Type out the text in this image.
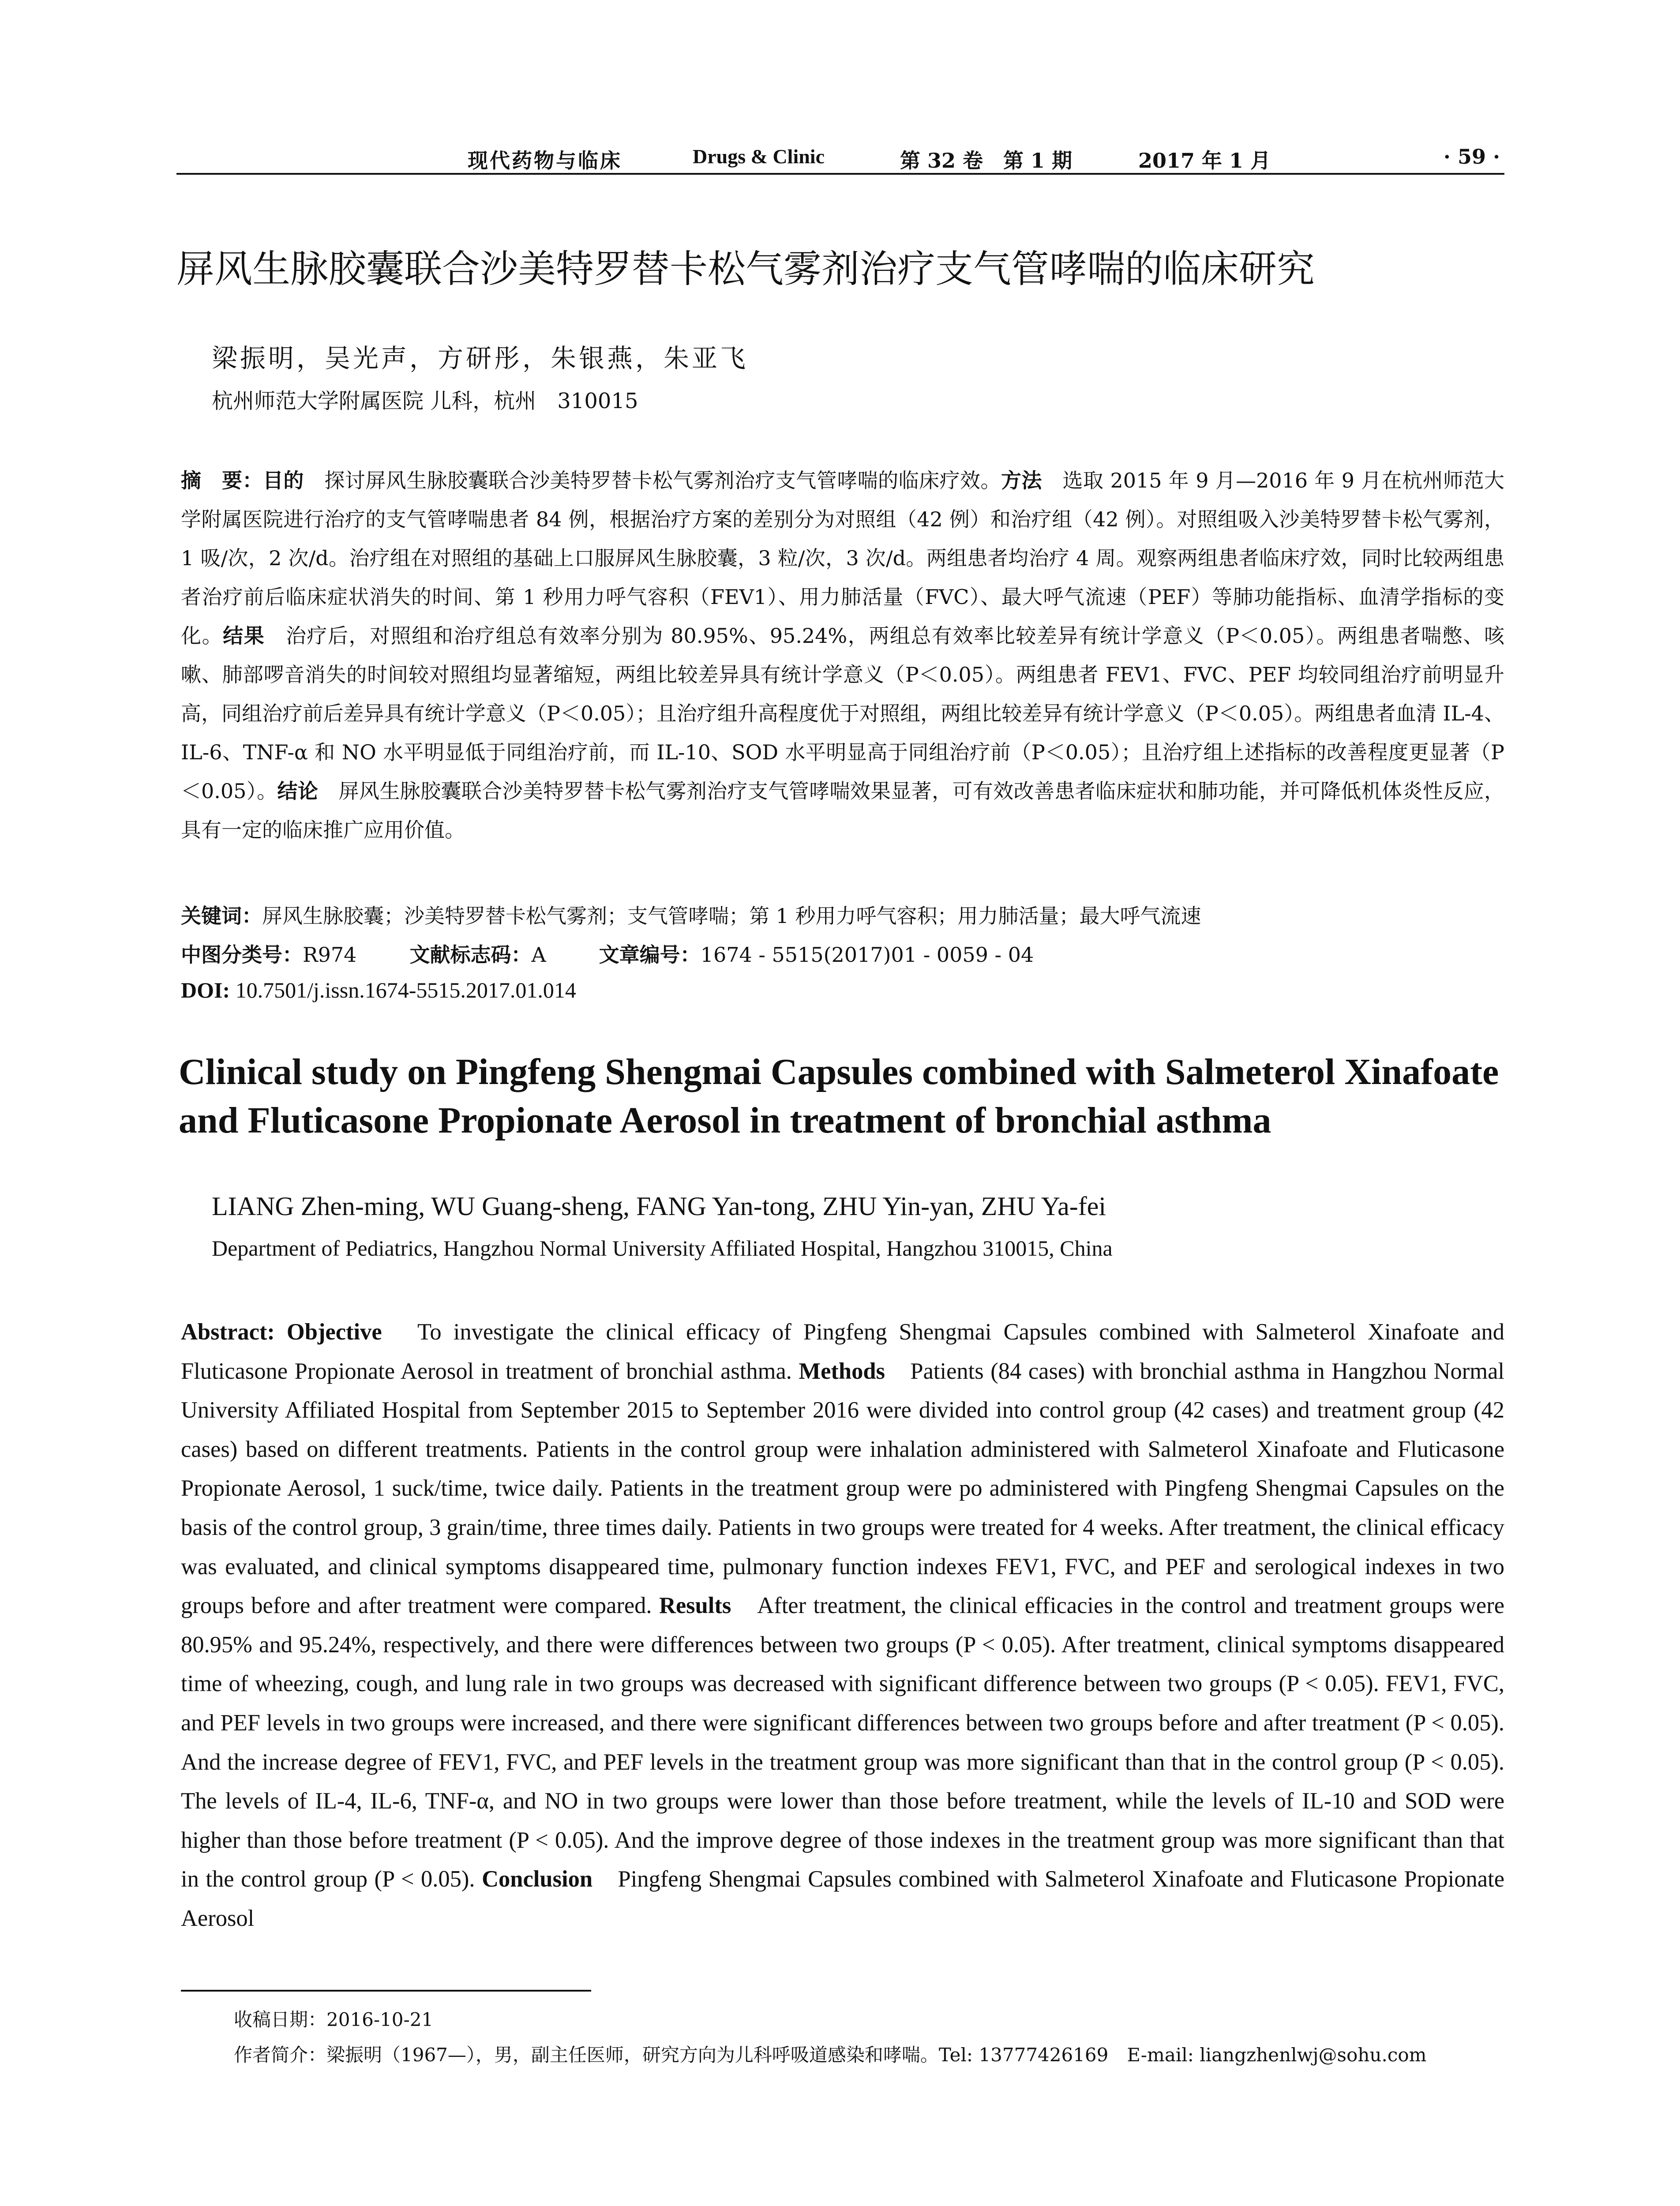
现代药物与临床	Drugs & Clinic	第 32 卷　第 1 期	2017 年 1 月	· 59 ·
屏风生脉胶囊联合沙美特罗替卡松气雾剂治疗支气管哮喘的临床研究
梁振明，吴光声，方研彤，朱银燕，朱亚飞
杭州师范大学附属医院 儿科，杭州　310015
摘　要：目的　探讨屏风生脉胶囊联合沙美特罗替卡松气雾剂治疗支气管哮喘的临床疗效。方法　选取 2015 年 9 月—2016 年 9 月在杭州师范大学附属医院进行治疗的支气管哮喘患者 84 例，根据治疗方案的差别分为对照组（42 例）和治疗组（42 例）。对照组吸入沙美特罗替卡松气雾剂，1 吸/次，2 次/d。治疗组在对照组的基础上口服屏风生脉胶囊，3 粒/次，3 次/d。两组患者均治疗 4 周。观察两组患者临床疗效，同时比较两组患者治疗前后临床症状消失的时间、第 1 秒用力呼气容积（FEV1）、用力肺活量（FVC）、最大呼气流速（PEF）等肺功能指标、血清学指标的变化。结果　治疗后，对照组和治疗组总有效率分别为 80.95%、95.24%，两组总有效率比较差异有统计学意义（P＜0.05）。两组患者喘憋、咳嗽、肺部啰音消失的时间较对照组均显著缩短，两组比较差异具有统计学意义（P＜0.05）。两组患者 FEV1、FVC、PEF 均较同组治疗前明显升高，同组治疗前后差异具有统计学意义（P＜0.05）；且治疗组升高程度优于对照组，两组比较差异有统计学意义（P＜0.05）。两组患者血清 IL-4、IL-6、TNF-α 和 NO 水平明显低于同组治疗前，而 IL-10、SOD 水平明显高于同组治疗前（P＜0.05）；且治疗组上述指标的改善程度更显著（P＜0.05）。结论　屏风生脉胶囊联合沙美特罗替卡松气雾剂治疗支气管哮喘效果显著，可有效改善患者临床症状和肺功能，并可降低机体炎性反应，具有一定的临床推广应用价值。
关键词：屏风生脉胶囊；沙美特罗替卡松气雾剂；支气管哮喘；第 1 秒用力呼气容积；用力肺活量；最大呼气流速
中图分类号：R974	文献标志码：A	文章编号：1674 - 5515(2017)01 - 0059 - 04
DOI: 10.7501/j.issn.1674-5515.2017.01.014
Clinical study on Pingfeng Shengmai Capsules combined with Salmeterol Xinafoate and Fluticasone Propionate Aerosol in treatment of bronchial asthma
LIANG Zhen-ming, WU Guang-sheng, FANG Yan-tong, ZHU Yin-yan, ZHU Ya-fei
Department of Pediatrics, Hangzhou Normal University Affiliated Hospital, Hangzhou 310015, China
Abstract: Objective　To investigate the clinical efficacy of Pingfeng Shengmai Capsules combined with Salmeterol Xinafoate and Fluticasone Propionate Aerosol in treatment of bronchial asthma. Methods　Patients (84 cases) with bronchial asthma in Hangzhou Normal University Affiliated Hospital from September 2015 to September 2016 were divided into control group (42 cases) and treatment group (42 cases) based on different treatments. Patients in the control group were inhalation administered with Salmeterol Xinafoate and Fluticasone Propionate Aerosol, 1 suck/time, twice daily. Patients in the treatment group were po administered with Pingfeng Shengmai Capsules on the basis of the control group, 3 grain/time, three times daily. Patients in two groups were treated for 4 weeks. After treatment, the clinical efficacy was evaluated, and clinical symptoms disappeared time, pulmonary function indexes FEV1, FVC, and PEF and serological indexes in two groups before and after treatment were compared. Results　After treatment, the clinical efficacies in the control and treatment groups were 80.95% and 95.24%, respectively, and there were differences between two groups (P < 0.05). After treatment, clinical symptoms disappeared time of wheezing, cough, and lung rale in two groups was decreased with significant difference between two groups (P < 0.05). FEV1, FVC, and PEF levels in two groups were increased, and there were significant differences between two groups before and after treatment (P < 0.05). And the increase degree of FEV1, FVC, and PEF levels in the treatment group was more significant than that in the control group (P < 0.05). The levels of IL-4, IL-6, TNF-α, and NO in two groups were lower than those before treatment, while the levels of IL-10 and SOD were higher than those before treatment (P < 0.05). And the improve degree of those indexes in the treatment group was more significant than that in the control group (P < 0.05). Conclusion　Pingfeng Shengmai Capsules combined with Salmeterol Xinafoate and Fluticasone Propionate Aerosol
收稿日期：2016-10-21
作者简介：梁振明（1967—），男，副主任医师，研究方向为儿科呼吸道感染和哮喘。Tel: 13777426169　E-mail: liangzhenlwj@sohu.com
